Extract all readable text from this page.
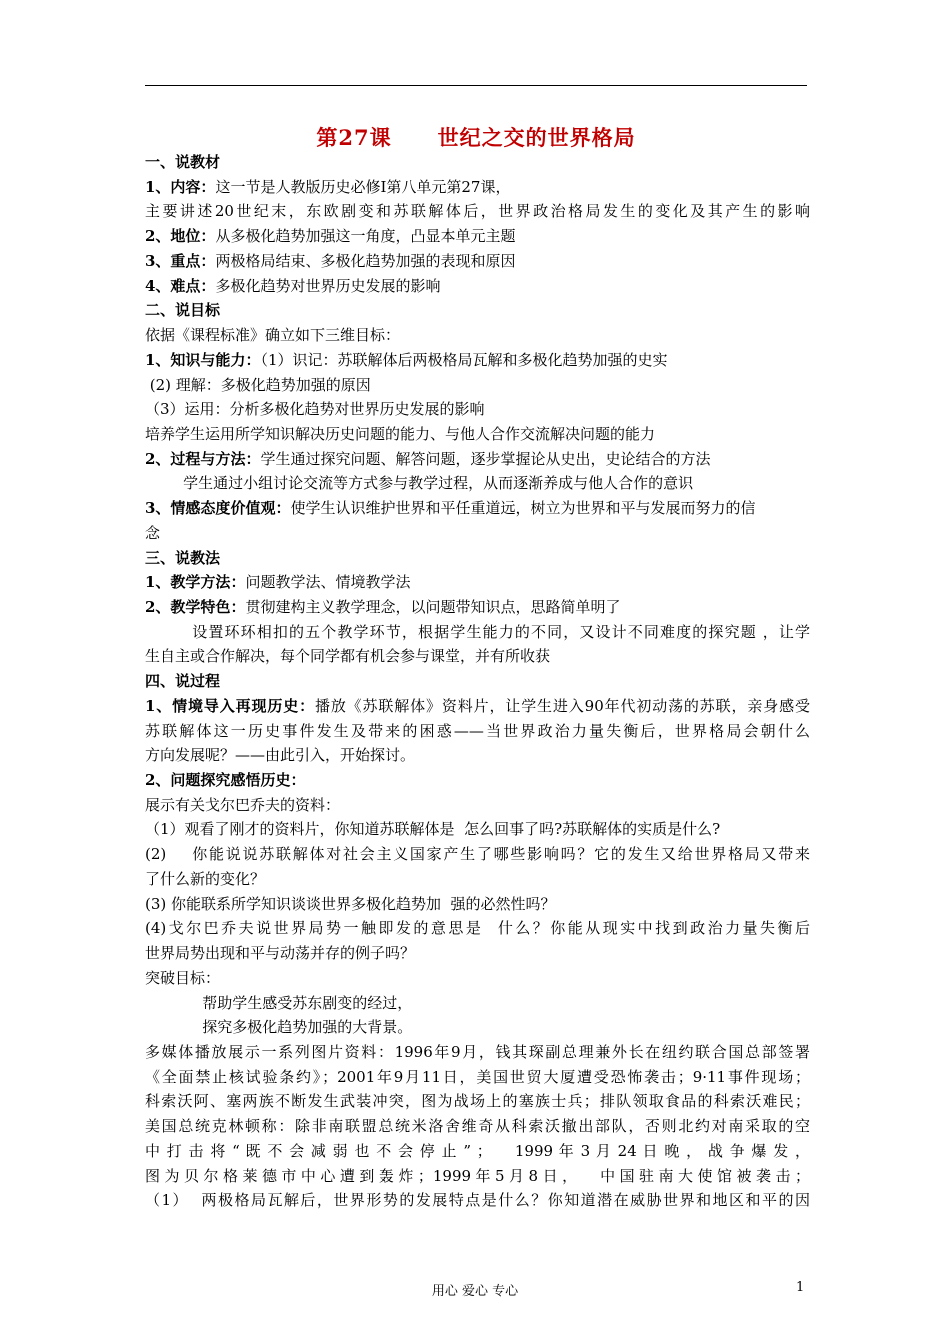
第27课 世纪之交的世界格局
一、说教材
1、内容：这一节是人教版历史必修Ⅰ第八单元第27课，
主要讲述20世纪末，东欧剧变和苏联解体后，世界政治格局发生的变化及其产生的影响
2、地位：从多极化趋势加强这一角度，凸显本单元主题
3、重点：两极格局结束、多极化趋势加强的表现和原因
4、难点：多极化趋势对世界历史发展的影响
二、说目标
依据《课程标准》确立如下三维目标：
1、知识与能力：（1）识记：苏联解体后两极格局瓦解和多极化趋势加强的史实
(2) 理解：多极化趋势加强的原因
（3）运用：分析多极化趋势对世界历史发展的影响
培养学生运用所学知识解决历史问题的能力、与他人合作交流解决问题的能力
2、过程与方法：学生通过探究问题、解答问题，逐步掌握论从史出，史论结合的方法
学生通过小组讨论交流等方式参与教学过程，从而逐渐养成与他人合作的意识
3、情感态度价值观：使学生认识维护世界和平任重道远，树立为世界和平与发展而努力的信
念
三、说教法
1、教学方法：问题教学法、情境教学法
2、教学特色：贯彻建构主义教学理念，以问题带知识点，思路简单明了
设置环环相扣的五个教学环节，根据学生能力的不同，又设计不同难度的探究题 ，让学
生自主或合作解决，每个同学都有机会参与课堂，并有所收获
四、说过程
1、情境导入再现历史：播放《苏联解体》资料片，让学生进入90年代初动荡的苏联，亲身感受
苏联解体这一历史事件发生及带来的困惑——当世界政治力量失衡后，世界格局会朝什么
方向发展呢？——由此引入，开始探讨。
2、问题探究感悟历史：
展示有关戈尔巴乔夫的资料：
（1）观看了刚才的资料片，你知道苏联解体是  怎么回事了吗?苏联解体的实质是什么?
(2)    你能说说苏联解体对社会主义国家产生了哪些影响吗？它的发生又给世界格局又带来
了什么新的变化？
(3) 你能联系所学知识谈谈世界多极化趋势加  强的必然性吗？
(4)戈尔巴乔夫说世界局势一触即发的意思是  什么？你能从现实中找到政治力量失衡后
世界局势出现和平与动荡并存的例子吗？
突破目标：
帮助学生感受苏东剧变的经过，
探究多极化趋势加强的大背景。
多媒体播放展示一系列图片资料：1996年9月，钱其琛副总理兼外长在纽约联合国总部签署
《全面禁止核试验条约》；2001年9月11日，美国世贸大厦遭受恐怖袭击；9·11事件现场；
科索沃阿、塞两族不断发生武装冲突，图为战场上的塞族士兵；排队领取食品的科索沃难民；
美国总统克林顿称：除非南联盟总统米洛舍维奇从科索沃撤出部队，否则北约对南采取的空
中 打 击 将 “ 既 不 会 减 弱 也 不 会 停 止 ” ；    1999 年 3 月 24 日 晚 ， 战 争 爆 发 ，
图为贝尔格莱德市中心遭到轰炸；1999年5月8日，  中国驻南大使馆被袭击；
（1）  两极格局瓦解后，世界形势的发展特点是什么？你知道潜在威胁世界和地区和平的因
用心 爱心 专心	1
